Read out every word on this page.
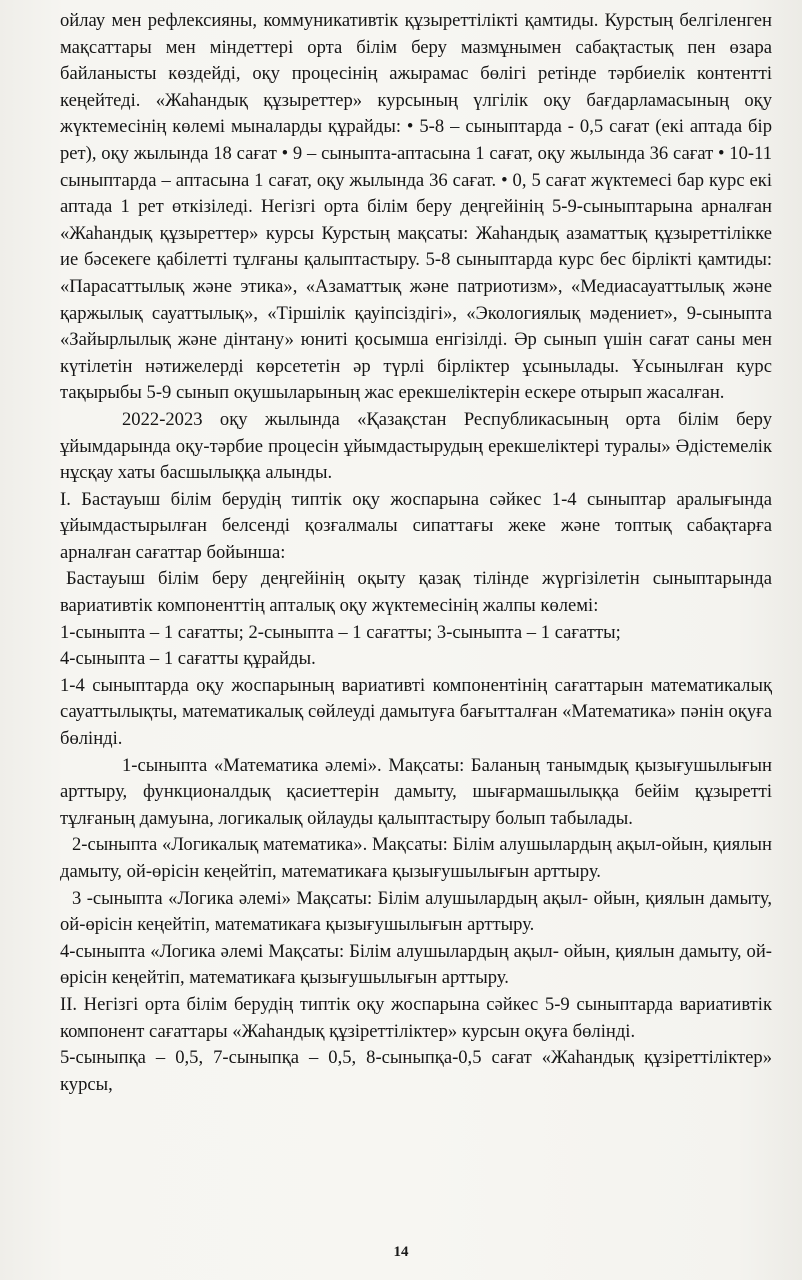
ойлау мен рефлексияны, коммуникативтік құзыреттілікті қамтиды. Курстың белгіленген мақсаттары мен міндеттері орта білім беру мазмұнымен сабақтастық пен өзара байланысты көздейді, оқу процесінің ажырамас бөлігі ретінде тәрбиелік контентті кеңейтеді. «Жаһандық құзыреттер» курсының үлгілік оқу бағдарламасының оқу жүктемесінің көлемі мыналарды құрайды: • 5-8 – сыныптарда - 0,5 сағат (екі аптада бір рет), оқу жылында 18 сағат • 9 – сыныпта-аптасына 1 сағат, оқу жылында 36 сағат • 10-11 сыныптарда – аптасына 1 сағат, оқу жылында 36 сағат. • 0, 5 сағат жүктемесі бар курс екі аптада 1 рет өткізіледі. Негізгі орта білім беру деңгейінің 5-9-сыныптарына арналған «Жаһандық құзыреттер» курсы Курстың мақсаты: Жаһандық азаматтық құзыреттілікке ие бәсекеге қабілетті тұлғаны қалыптастыру. 5-8 сыныптарда курс бес бірлікті қамтиды: «Парасаттылық және этика», «Азаматтық және патриотизм», «Медиасауаттылық және қаржылық сауаттылық», «Тіршілік қауіпсіздігі», «Экологиялық мәдениет», 9-сыныпта «Зайырлылық және дінтану» юниті қосымша енгізілді. Әр сынып үшін сағат саны мен күтілетін нәтижелерді көрсететін әр түрлі бірліктер ұсынылады. Ұсынылған курс тақырыбы 5-9 сынып оқушыларының жас ерекшеліктерін ескере отырып жасалған.

2022-2023 оқу жылында «Қазақстан Республикасының орта білім беру ұйымдарында оқу-тәрбие процесін ұйымдастырудың ерекшеліктері туралы» Әдістемелік нұсқау хаты басшылыққа алынды.

I. Бастауыш білім берудің типтік оқу жоспарына сәйкес 1-4 сыныптар аралығында ұйымдастырылған белсенді қозғалмалы сипаттағы жеке және топтық сабақтарға арналған сағаттар бойынша:

Бастауыш білім беру деңгейінің оқыту қазақ тілінде жүргізілетін сыныптарында вариативтік компоненттің апталық оқу жүктемесінің жалпы көлемі:

1-сыныпта – 1 сағатты; 2-сыныпта – 1 сағатты; 3-сыныпта – 1 сағатты;

4-сыныпта – 1 сағатты құрайды.

1-4 сыныптарда оқу жоспарының вариативті компонентінің сағаттарын математикалық сауаттылықты, математикалық сөйлеуді дамытуға бағытталған «Математика» пәнін оқуға бөлінді.

1-сыныпта «Математика әлемі». Мақсаты: Баланың танымдық қызығушылығын арттыру, функционалдық қасиеттерін дамыту, шығармашылыққа бейім құзыретті тұлғаның дамуына, логикалық ойлауды қалыптастыру болып табылады.

2-сыныпта «Логикалық математика». Мақсаты: Білім алушылардың ақыл-ойын, қиялын дамыту, ой-өрісін кеңейтіп, математикаға қызығушылығын арттыру.

3 -сыныпта «Логика әлемі» Мақсаты: Білім алушылардың ақыл- ойын, қиялын дамыту, ой-өрісін кеңейтіп, математикаға қызығушылығын арттыру.

4-сыныпта «Логика әлемі Мақсаты: Білім алушылардың ақыл- ойын, қиялын дамыту, ой-өрісін кеңейтіп, математикаға қызығушылығын арттыру.

II. Негізгі орта білім берудің типтік оқу жоспарына сәйкес 5-9 сыныптарда вариативтік компонент сағаттары «Жаһандық құзіреттіліктер» курсын оқуға бөлінді.

5-сыныпқа – 0,5, 7-сыныпқа – 0,5, 8-сыныпқа-0,5 сағат «Жаһандық құзіреттіліктер» курсы,

14
